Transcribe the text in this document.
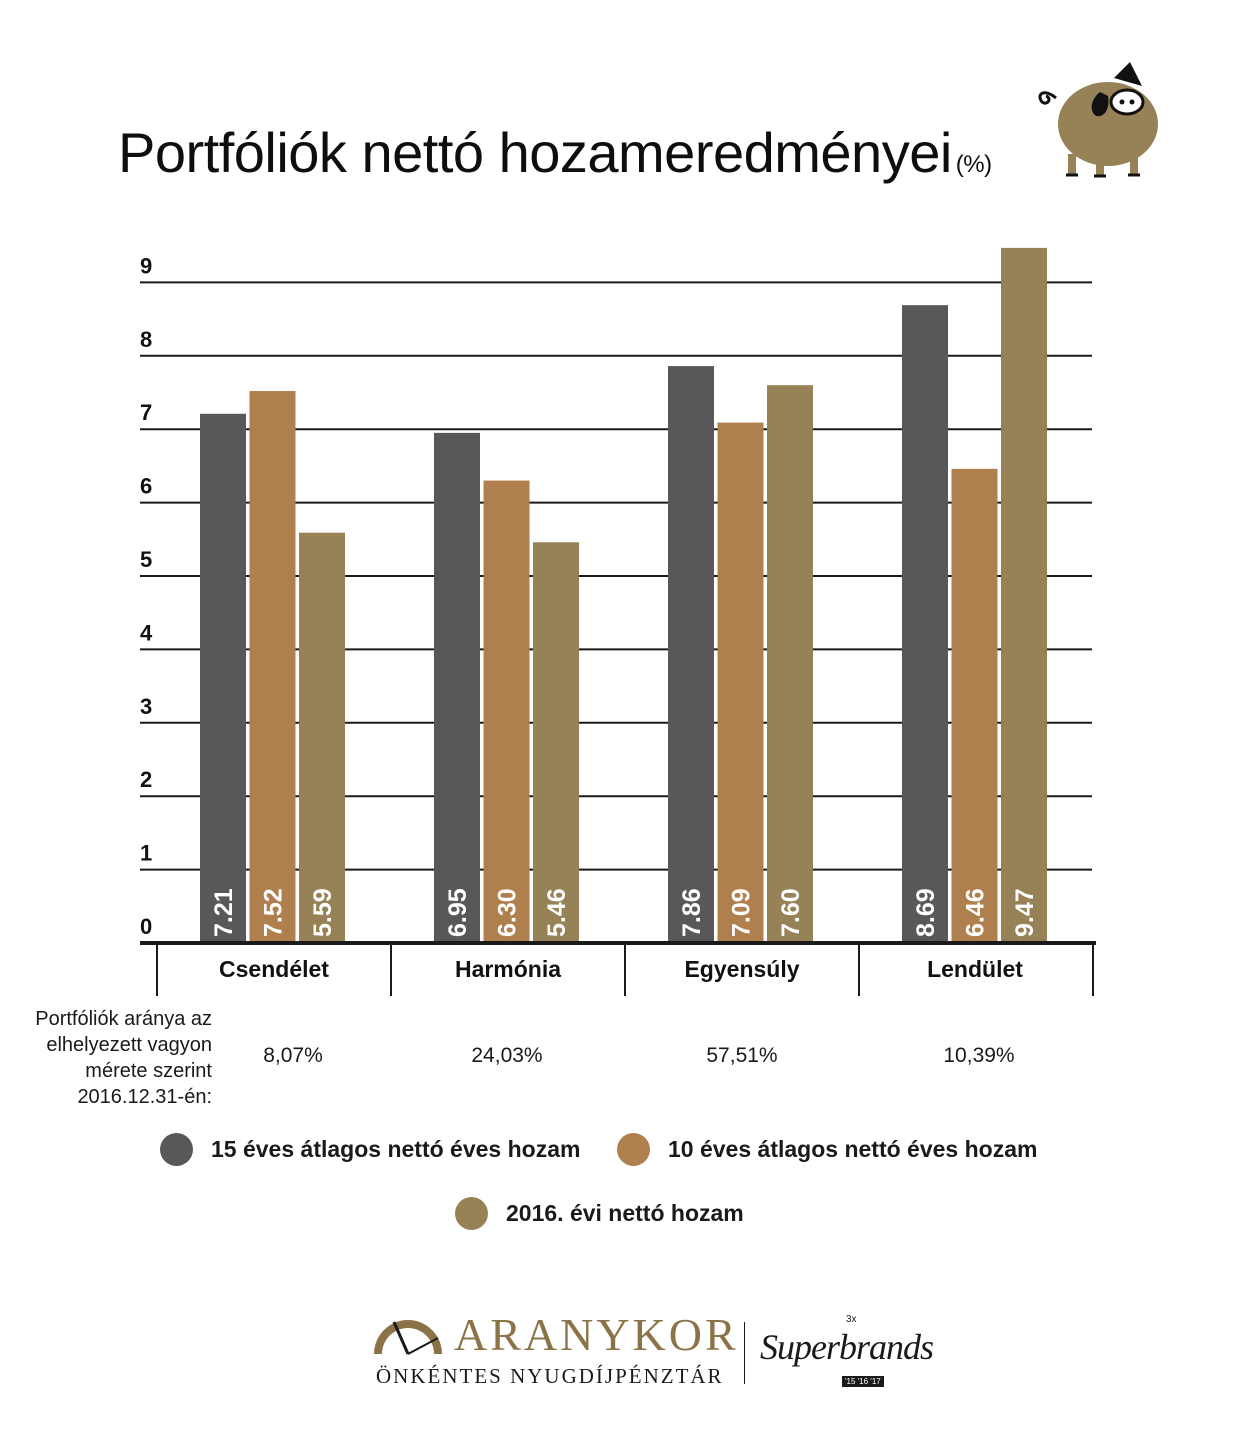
Portfóliók nettó hozameredményei (%)
0
1
2
3
4
5
6
7
8
9
7.21 7.52 5.59	6.95 6.30 5.46	7.86 7.09 7.60	8.69 6.46 9.47
Csendélet	Harmónia	Egyensúly	Lendület
Portfóliók aránya az
elhelyezett vagyon
mérete szerint
2016.12.31-én:
8,07%	24,03%	57,51%	10,39%
15 éves átlagos nettó éves hozam	10 éves átlagos nettó éves hozam
2016. évi nettó hozam
ARANYKOR
ÖNKÉNTES NYUGDÍJPÉNZTÁR
Superbrands
3x
'15 '16 '17
